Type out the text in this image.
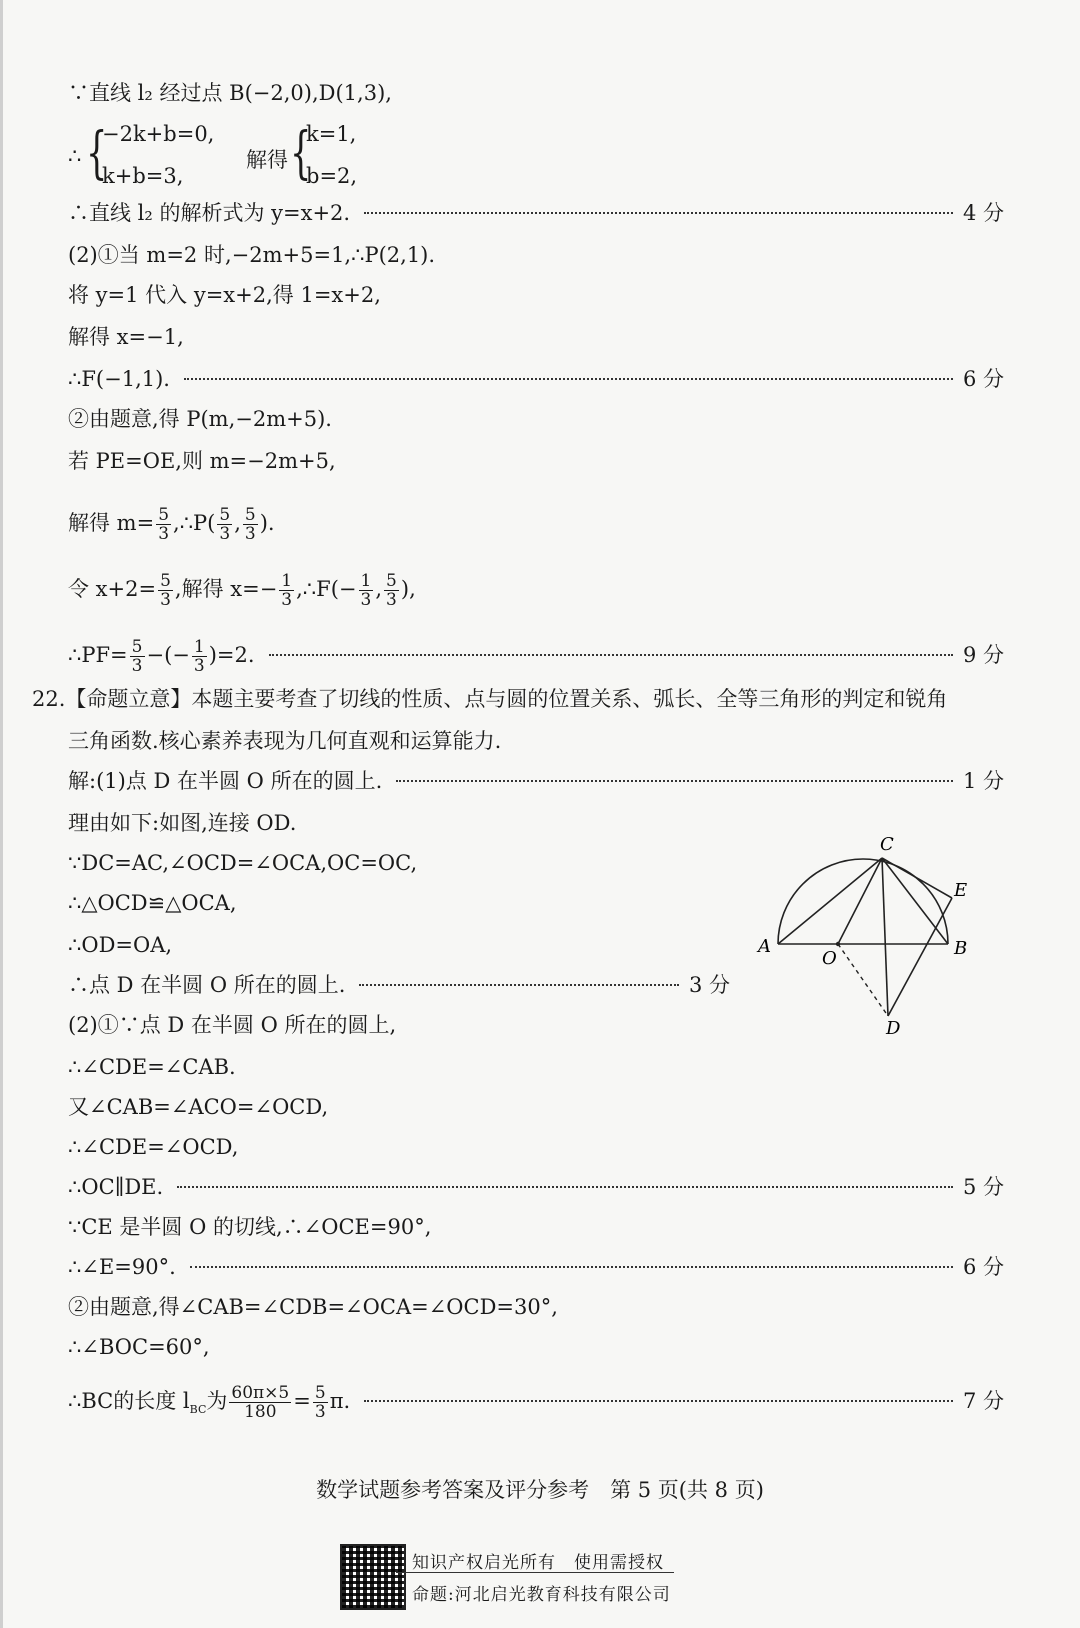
∵直线 l₂ 经过点 B(−2,0),D(1,3),
∴ {
−2k+b=0,
k+b=3,
解得 {
k=1,
b=2,
∴直线 l₂ 的解析式为 y=x+2.	4 分
(2)①当 m=2 时,−2m+5=1,∴P(2,1).
将 y=1 代入 y=x+2,得 1=x+2,
解得 x=−1,
∴F(−1,1).	6 分
②由题意,得 P(m,−2m+5).
若 PE=OE,则 m=−2m+5,
解得 $m= \frac{5}{3}$ ,∴P( $\frac{5}{3}$ , $\frac{5}{3}$ ).
令 $x+2= \frac{5}{3}$ ,解得 $x=- \frac{1}{3}$ ,∴F(− $\frac{1}{3}$ , $\frac{5}{3}$ ),
∴PF= $\frac{5}{3}$ −(− $\frac{1}{3} )=2$.	9 分
22.【命题立意】本题主要考查了切线的性质、点与圆的位置关系、弧长、全等三角形的判定和锐角
三角函数.核心素养表现为几何直观和运算能力.
解:(1)点 D 在半圆 O 所在的圆上.	1 分
理由如下:如图,连接 OD.
∵DC=AC,∠OCD=∠OCA,OC=OC,
∴△OCD≌△OCA,
∴OD=OA,
∴点 D 在半圆 O 所在的圆上.	3 分
A	B
C
D
E
O
(2)①∵点 D 在半圆 O 所在的圆上,
∴∠CDE=∠CAB.
又∠CAB=∠ACO=∠OCD,
∴∠CDE=∠OCD,
∴OC∥DE.	5 分
∵CE 是半圆 O 的切线,∴∠OCE=90°,
∴∠E=90°.	6 分
②由题意,得∠CAB=∠CDB=∠OCA=∠OCD=30°,
∴∠BOC=60°,
∴BC的长度 $l_{BC}$为 $\frac{60\pi\times 5}{180} = \frac{5}{3} \pi$.	7 分
数学试题参考答案及评分参考　第 5 页(共 8 页)
知识产权启光所有　使用需授权
命题:河北启光教育科技有限公司
